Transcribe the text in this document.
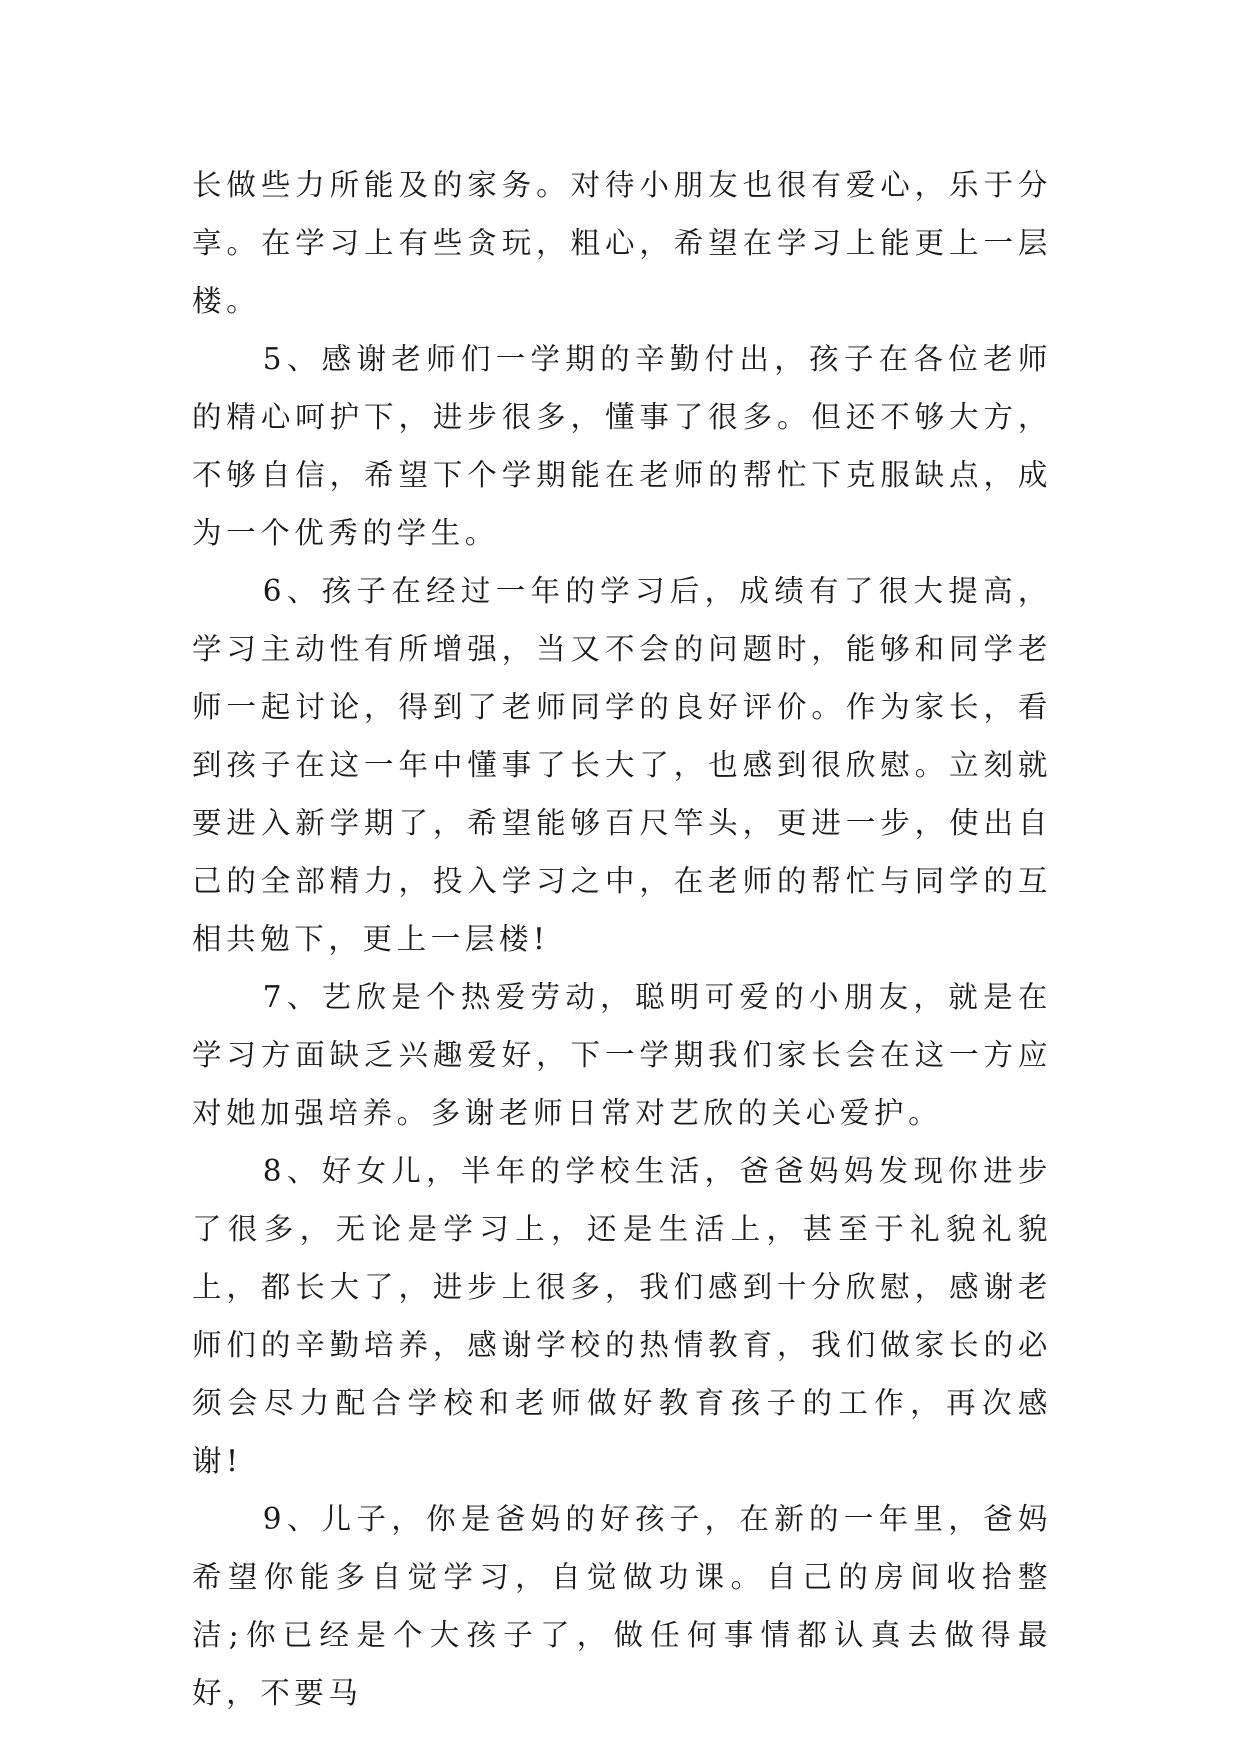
长做些力所能及的家务。对待小朋友也很有爱心，乐于分享。在学习上有些贪玩，粗心，希望在学习上能更上一层楼。

5、感谢老师们一学期的辛勤付出，孩子在各位老师的精心呵护下，进步很多，懂事了很多。但还不够大方，不够自信，希望下个学期能在老师的帮忙下克服缺点，成为一个优秀的学生。

6、孩子在经过一年的学习后，成绩有了很大提高，学习主动性有所增强，当又不会的问题时，能够和同学老师一起讨论，得到了老师同学的良好评价。作为家长，看到孩子在这一年中懂事了长大了，也感到很欣慰。立刻就要进入新学期了，希望能够百尺竿头，更进一步，使出自己的全部精力，投入学习之中，在老师的帮忙与同学的互相共勉下，更上一层楼!

7、艺欣是个热爱劳动，聪明可爱的小朋友，就是在学习方面缺乏兴趣爱好，下一学期我们家长会在这一方应对她加强培养。多谢老师日常对艺欣的关心爱护。

8、好女儿，半年的学校生活，爸爸妈妈发现你进步了很多，无论是学习上，还是生活上，甚至于礼貌礼貌上，都长大了，进步上很多，我们感到十分欣慰，感谢老师们的辛勤培养，感谢学校的热情教育，我们做家长的必须会尽力配合学校和老师做好教育孩子的工作，再次感谢!

9、儿子，你是爸妈的好孩子，在新的一年里，爸妈希望你能多自觉学习，自觉做功课。自己的房间收拾整洁;你已经是个大孩子了，做任何事情都认真去做得最好，不要马
